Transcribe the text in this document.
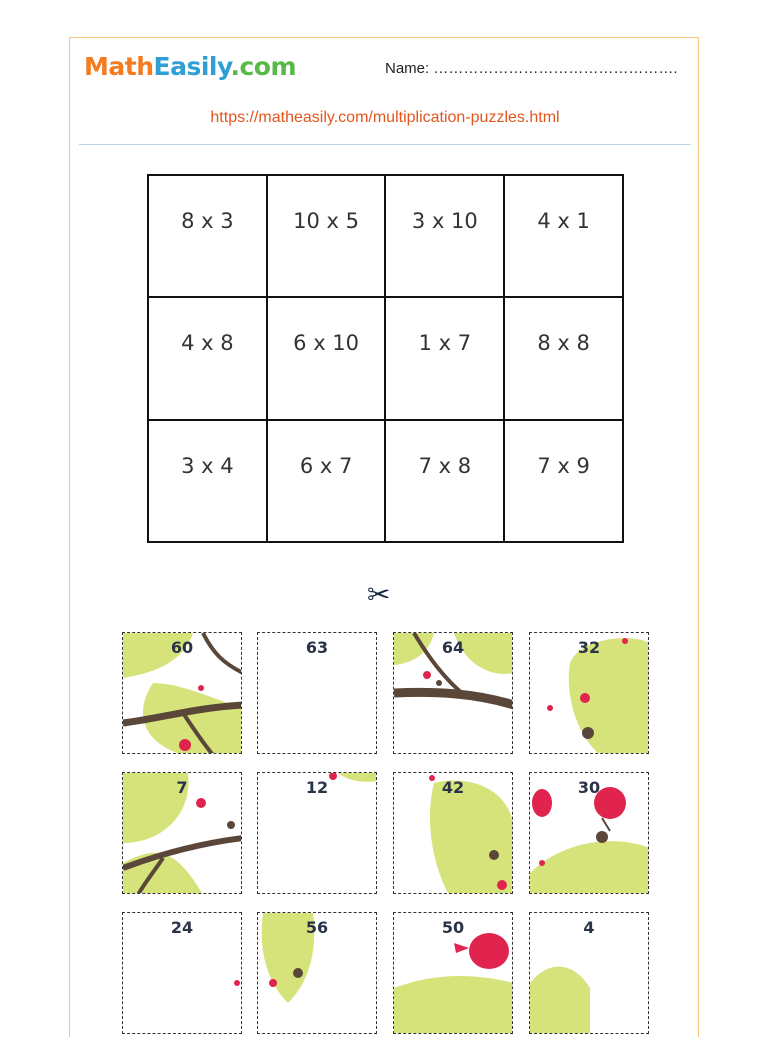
MathEasily.com	Name: ………………………………………….
https://matheasily.com/multiplication-puzzles.html
8 x 3	10 x 5	3 x 10	4 x 1
4 x 8	6 x 10	1 x 7	8 x 8
3 x 4	6 x 7	7 x 8	7 x 9
✂
60	63	64	32
7	12	42	30
24	56	50	4
